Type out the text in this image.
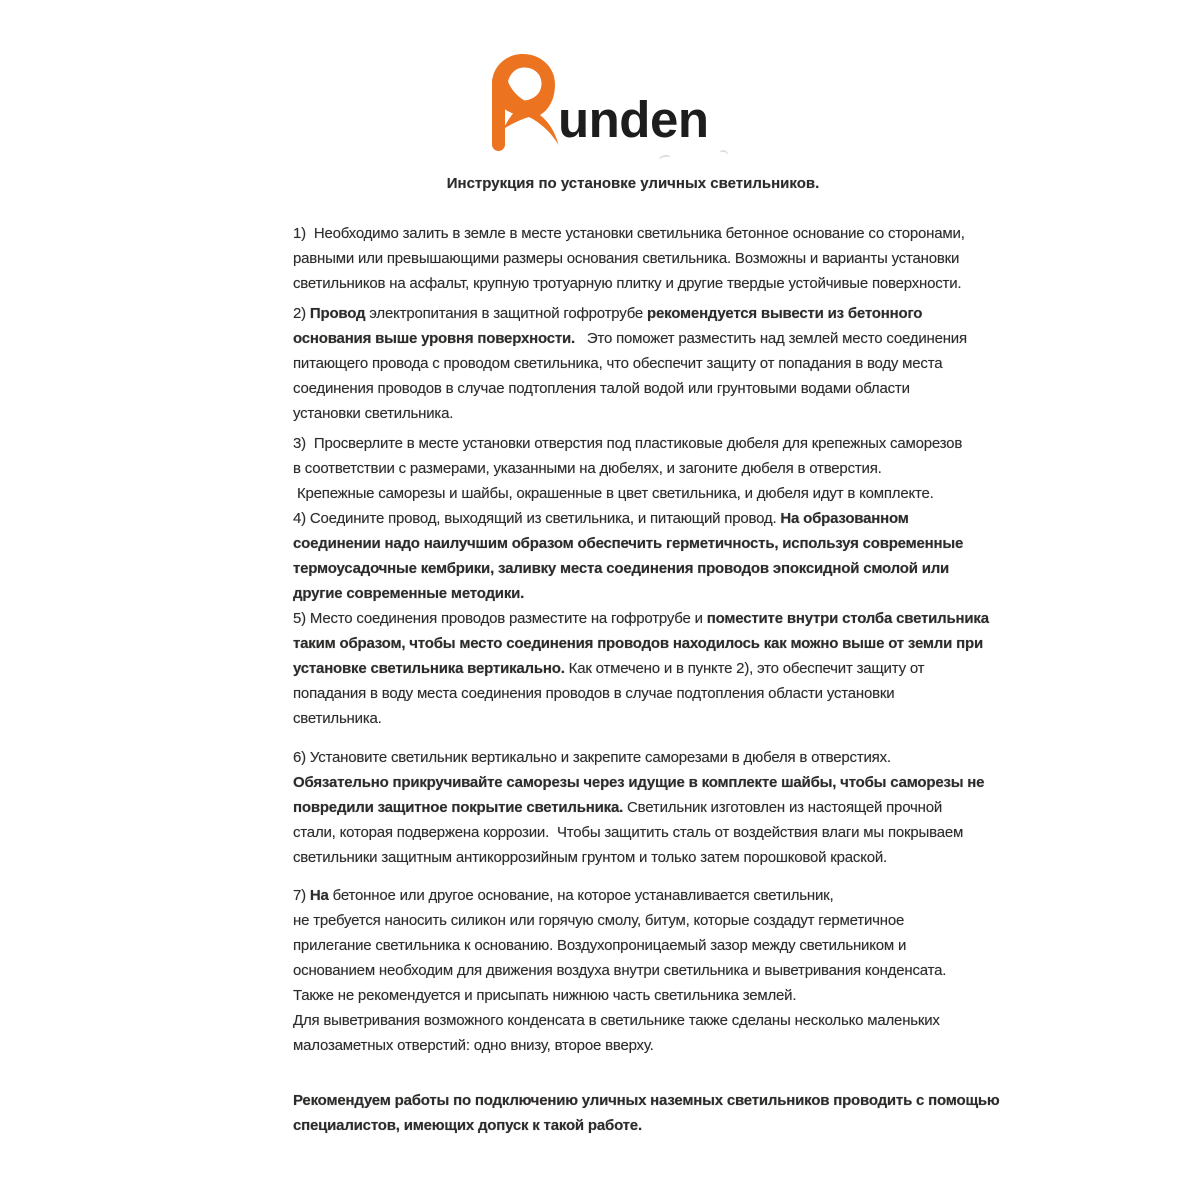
unden
Инструкция по установке уличных светильников.
1)  Необходимо залить в земле в месте установки светильника бетонное основание со сторонами,
равными или превышающими размеры основания светильника. Возможны и варианты установки
светильников на асфальт, крупную тротуарную плитку и другие твердые устойчивые поверхности.
2) Провод электропитания в защитной гофротрубе рекомендуется вывести из бетонного
основания выше уровня поверхности.   Это поможет разместить над землей место соединения
питающего провода с проводом светильника, что обеспечит защиту от попадания в воду места
соединения проводов в случае подтопления талой водой или грунтовыми водами области
установки светильника.
3)  Просверлите в месте установки отверстия под пластиковые дюбеля для крепежных саморезов
в соответствии с размерами, указанными на дюбелях, и загоните дюбеля в отверстия.
Крепежные саморезы и шайбы, окрашенные в цвет светильника, и дюбеля идут в комплекте.
4) Соедините провод, выходящий из светильника, и питающий провод. На образованном
соединении надо наилучшим образом обеспечить герметичность, используя современные
термоусадочные кембрики, заливку места соединения проводов эпоксидной смолой или
другие современные методики.
5) Место соединения проводов разместите на гофротрубе и поместите внутри столба светильника
таким образом, чтобы место соединения проводов находилось как можно выше от земли при
установке светильника вертикально. Как отмечено и в пункте 2), это обеспечит защиту от
попадания в воду места соединения проводов в случае подтопления области установки
светильника.
6) Установите светильник вертикально и закрепите саморезами в дюбеля в отверстиях.
Обязательно прикручивайте саморезы через идущие в комплекте шайбы, чтобы саморезы не
повредили защитное покрытие светильника. Светильник изготовлен из настоящей прочной
стали, которая подвержена коррозии.  Чтобы защитить сталь от воздействия влаги мы покрываем
светильники защитным антикоррозийным грунтом и только затем порошковой краской.
7) На бетонное или другое основание, на которое устанавливается светильник,
не требуется наносить силикон или горячую смолу, битум, которые создадут герметичное
прилегание светильника к основанию. Воздухопроницаемый зазор между светильником и
основанием необходим для движения воздуха внутри светильника и выветривания конденсата.
Также не рекомендуется и присыпать нижнюю часть светильника землей.
Для выветривания возможного конденсата в светильнике также сделаны несколько маленьких
малозаметных отверстий: одно внизу, второе вверху.
Рекомендуем работы по подключению уличных наземных светильников проводить с помощью
специалистов, имеющих допуск к такой работе.
